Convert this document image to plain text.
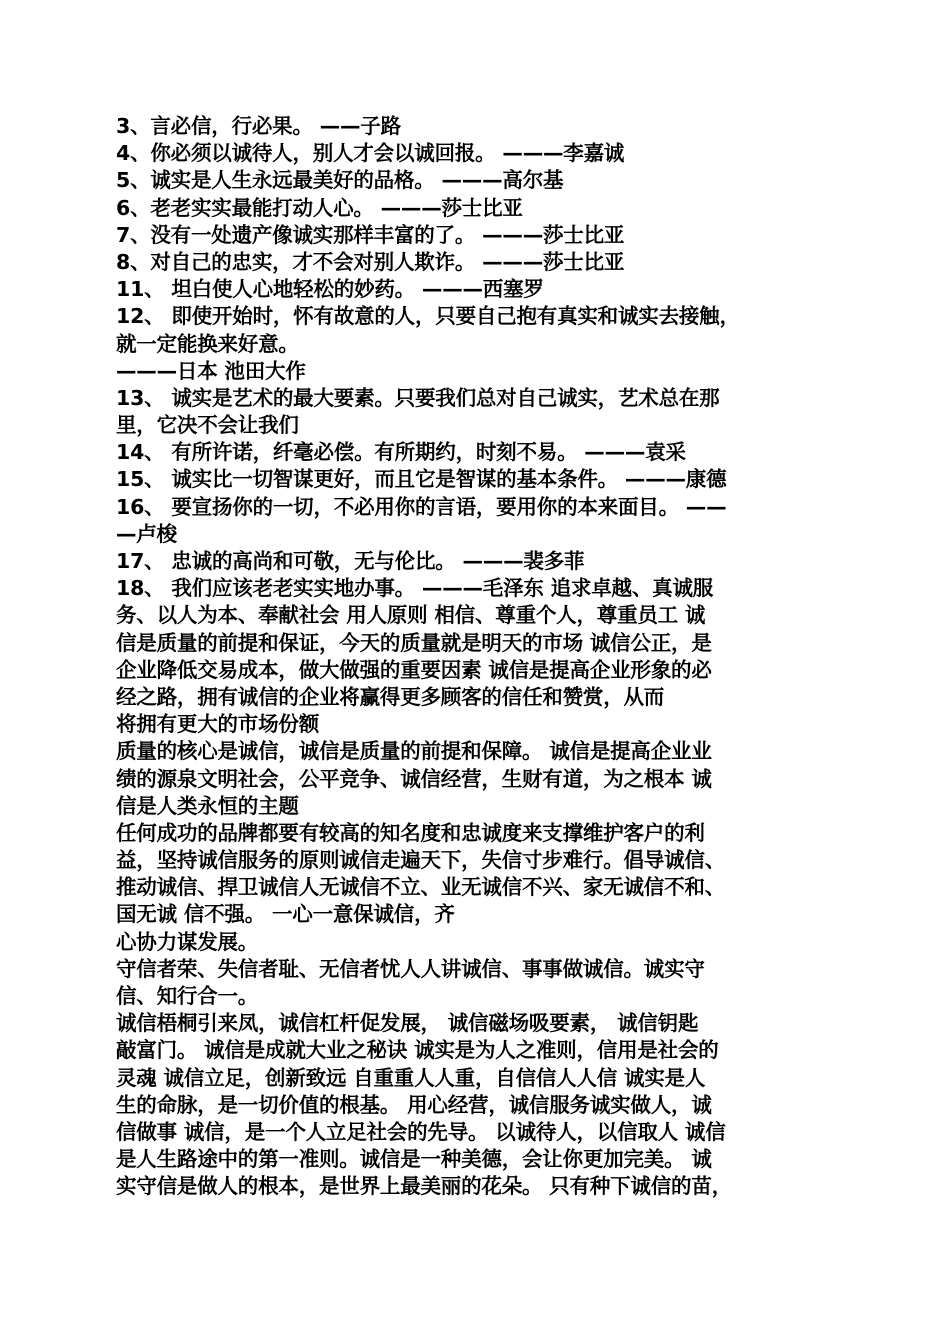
3、言必信，行必果。 ——子路
4、你必须以诚待人，别人才会以诚回报。 ———李嘉诚
5、诚实是人生永远最美好的品格。 ———高尔基
6、老老实实最能打动人心。 ———莎士比亚
7、没有一处遗产像诚实那样丰富的了。 ———莎士比亚
8、对自己的忠实，才不会对别人欺诈。 ———莎士比亚
11、 坦白使人心地轻松的妙药。 ———西塞罗
12、 即使开始时，怀有故意的人，只要自己抱有真实和诚实去接触，
就一定能换来好意。
———日本 池田大作
13、 诚实是艺术的最大要素。只要我们总对自己诚实，艺术总在那
里，它决不会让我们
14、 有所许诺，纤毫必偿。有所期约，时刻不易。 ———袁采
15、 诚实比一切智谋更好，而且它是智谋的基本条件。 ———康德
16、 要宣扬你的一切，不必用你的言语，要用你的本来面目。 ——
—卢梭
17、 忠诚的高尚和可敬，无与伦比。 ———裴多菲
18、 我们应该老老实实地办事。 ———毛泽东 追求卓越、真诚服
务、以人为本、奉献社会 用人原则 相信、尊重个人，尊重员工 诚
信是质量的前提和保证，今天的质量就是明天的市场 诚信公正，是
企业降低交易成本，做大做强的重要因素 诚信是提高企业形象的必
经之路，拥有诚信的企业将赢得更多顾客的信任和赞赏，从而
将拥有更大的市场份额
质量的核心是诚信，诚信是质量的前提和保障。 诚信是提高企业业
绩的源泉文明社会，公平竞争、诚信经营，生财有道，为之根本 诚
信是人类永恒的主题
任何成功的品牌都要有较高的知名度和忠诚度来支撑维护客户的利
益，坚持诚信服务的原则诚信走遍天下，失信寸步难行。倡导诚信、
推动诚信、捍卫诚信人无诚信不立、业无诚信不兴、家无诚信不和、
国无诚 信不强。 一心一意保诚信，齐
心协力谋发展。
守信者荣、失信者耻、无信者忧人人讲诚信、事事做诚信。诚实守
信、知行合一。
诚信梧桐引来凤，诚信杠杆促发展， 诚信磁场吸要素， 诚信钥匙
敲富门。 诚信是成就大业之秘诀 诚实是为人之准则，信用是社会的
灵魂 诚信立足，创新致远 自重重人人重，自信信人人信 诚实是人
生的命脉，是一切价值的根基。 用心经营，诚信服务诚实做人，诚
信做事 诚信，是一个人立足社会的先导。 以诚待人，以信取人 诚信
是人生路途中的第一准则。诚信是一种美德，会让你更加完美。 诚
实守信是做人的根本，是世界上最美丽的花朵。 只有种下诚信的苗，
